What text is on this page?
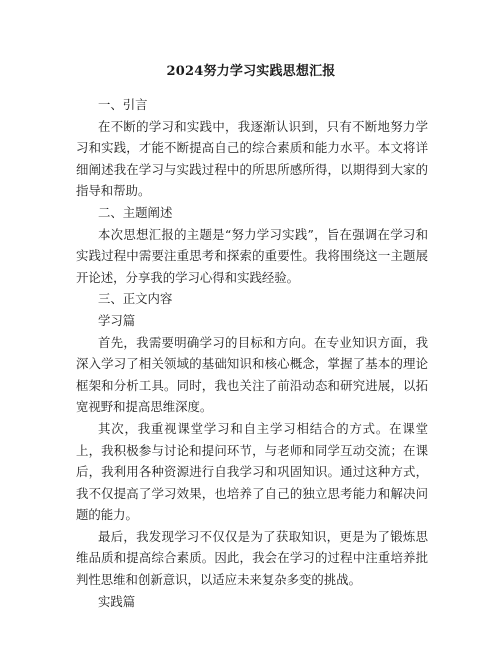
2024努力学习实践思想汇报

一、引言

在不断的学习和实践中，我逐渐认识到，只有不断地努力学习和实践，才能不断提高自己的综合素质和能力水平。本文将详细阐述我在学习与实践过程中的所思所感所得，以期得到大家的指导和帮助。

二、主题阐述

本次思想汇报的主题是“努力学习实践”，旨在强调在学习和实践过程中需要注重思考和探索的重要性。我将围绕这一主题展开论述，分享我的学习心得和实践经验。

三、正文内容

学习篇

首先，我需要明确学习的目标和方向。在专业知识方面，我深入学习了相关领域的基础知识和核心概念，掌握了基本的理论框架和分析工具。同时，我也关注了前沿动态和研究进展，以拓宽视野和提高思维深度。

其次，我重视课堂学习和自主学习相结合的方式。在课堂上，我积极参与讨论和提问环节，与老师和同学互动交流；在课后，我利用各种资源进行自我学习和巩固知识。通过这种方式，我不仅提高了学习效果，也培养了自己的独立思考能力和解决问题的能力。

最后，我发现学习不仅仅是为了获取知识，更是为了锻炼思维品质和提高综合素质。因此，我会在学习的过程中注重培养批判性思维和创新意识，以适应未来复杂多变的挑战。

实践篇
